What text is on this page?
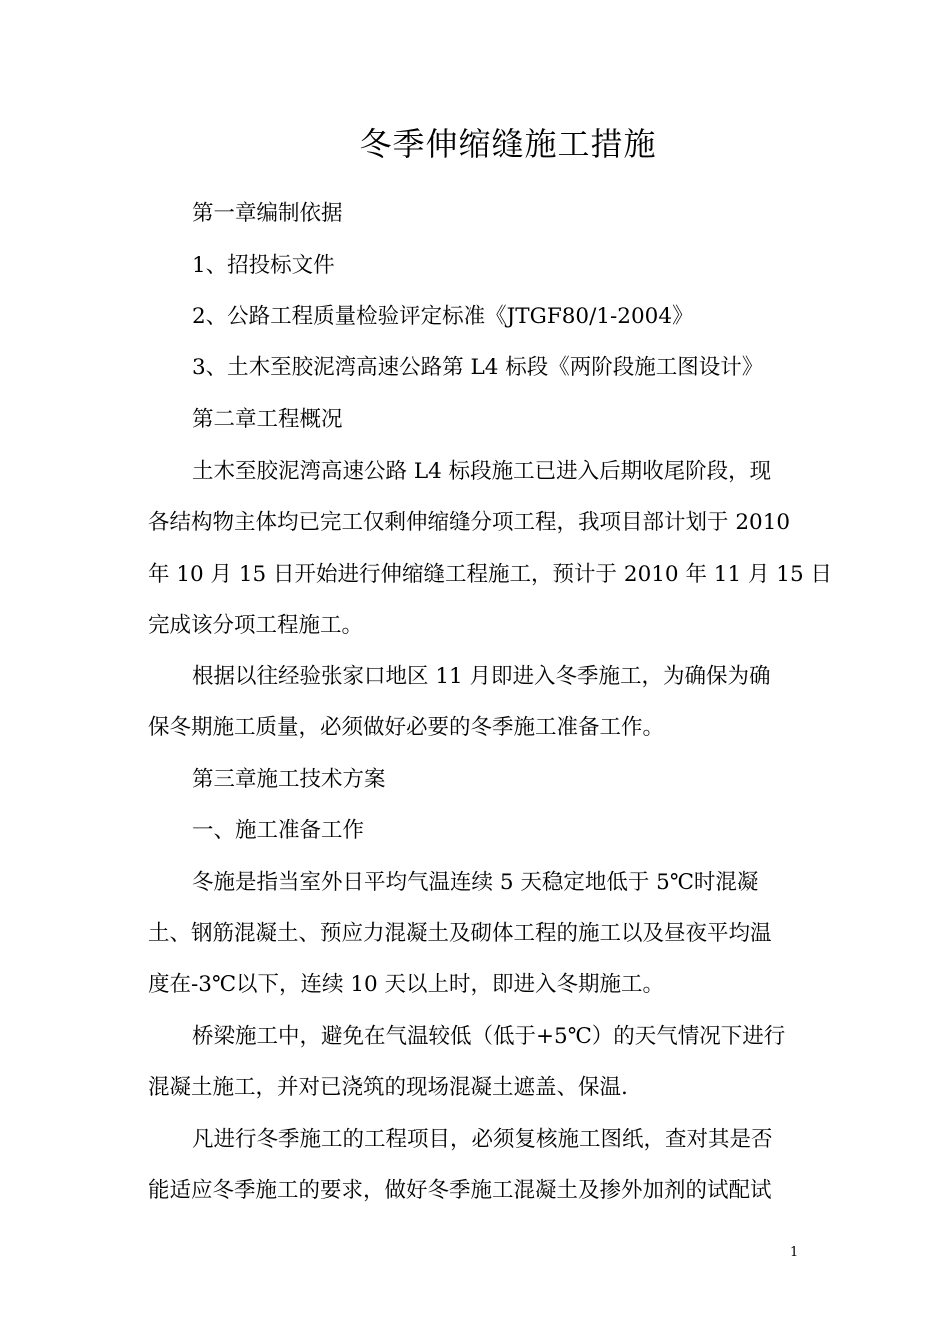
冬季伸缩缝施工措施

第一章编制依据

1、招投标文件

2、公路工程质量检验评定标准《JTGF80/1-2004》

3、土木至胶泥湾高速公路第 L4 标段《两阶段施工图设计》

第二章工程概况

土木至胶泥湾高速公路 L4 标段施工已进入后期收尾阶段，现

各结构物主体均已完工仅剩伸缩缝分项工程，我项目部计划于 2010

年 10 月 15 日开始进行伸缩缝工程施工，预计于 2010 年 11 月 15 日

完成该分项工程施工。

根据以往经验张家口地区 11 月即进入冬季施工，为确保为确

保冬期施工质量，必须做好必要的冬季施工准备工作。

第三章施工技术方案

一、施工准备工作

冬施是指当室外日平均气温连续 5 天稳定地低于 5℃时混凝

土、钢筋混凝土、预应力混凝土及砌体工程的施工以及昼夜平均温

度在-3℃以下，连续 10 天以上时，即进入冬期施工。

桥梁施工中，避免在气温较低（低于+5℃）的天气情况下进行

混凝土施工，并对已浇筑的现场混凝土遮盖、保温.

凡进行冬季施工的工程项目，必须复核施工图纸，查对其是否

能适应冬季施工的要求，做好冬季施工混凝土及掺外加剂的试配试

1
